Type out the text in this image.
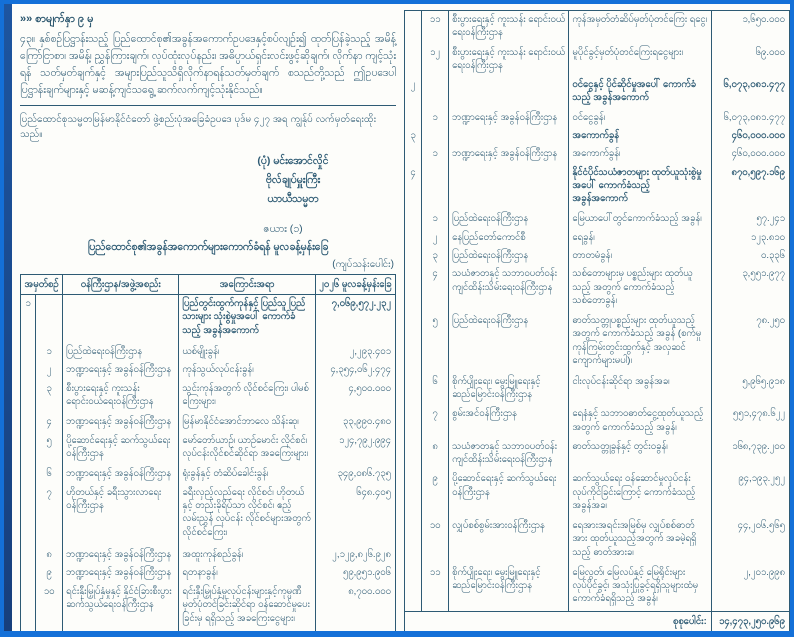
»» စာမျက်နှာ ၉ မှ

၄၃။ နှစ်စဉ်ပြဋ္ဌာန်းသည့် ပြည်ထောင်စု၏အခွန်အကောက်ဥပဒေနှင့်စပ်လျဉ်း၍ ထုတ်ပြန်ခဲ့သည့် အမိန့်ကြော်ငြာစာ၊ အမိန့်၊ ညွှန်ကြားချက်၊ လုပ်ထုံးလုပ်နည်း၊ အဓိပ္ပာယ်ရှင်းလင်းဖွင့်ဆိုချက်၊ လိုက်နာ ကျင့်သုံးရန် သတ်မှတ်ချက်နှင့် အများပြည်သူသိရှိလိုက်နာရန်သတ်မှတ်ချက် စသည်တို့သည် ဤဥပဒေပါ ပြဋ္ဌာန်းချက်များနှင့် မဆန့်ကျင်သရွေ့ ဆက်လက်ကျင့်သုံးနိုင်သည်။

ပြည်ထောင်စုသမ္မတမြန်မာနိုင်ငံတော် ဖွဲ့စည်းပုံအခြေခံဥပဒေ ပုဒ်မ ၄၂၇ အရ ကျွန်ုပ် လက်မှတ်ရေးထိုးသည်။

(ပုံ) မင်းအောင်လှိုင်
ဗိုလ်ချုပ်မှူးကြီး
ယာယီသမ္မတ
ဇယား (၁)
ပြည်ထောင်စု၏အခွန်အကောက်များကောက်ခံရန် မူလခန့်မှန်းခြေ
(ကျပ်သန်းပေါင်း)
အမှတ်စဉ်		ဝန်ကြီးဌာန/အဖွဲ့အစည်း	အကြောင်းအရာ	၂၀၂၆ မူလခန့်မှန်းခြေ
၁			ပြည်တွင်းထွက်ကုန်နှင့် ပြည်သူ ပြည်သားများ သုံးစွဲမှုအပေါ် ကောက်ခံ သည့် အခွန်အကောက်	၇,၀၆၉,၅၇၂.၂၃၂
	၁	ပြည်ထဲရေးဝန်ကြီးဌာန	ယစ်မျိုးခွန်၊	၂,၂၉၃.၄၀၁
	၂	ဘဏ္ဍာရေးနှင့် အခွန်ဝန်ကြီးဌာန	ကုန်သွယ်လုပ်ငန်းခွန်၊	၄,၃၅၄,၀၆၂.၄၇၄
	၃	စီးပွားရေးနှင့် ကူးသန်း ရောင်းဝယ်ရေးဝန်ကြီးဌာန	သွင်းကုန်အတွက် လိုင်စင်ကြေး၊ ပါမစ် ကြေးများ၊	၄,၅၀၀.၀၀၀
	၄	ဘဏ္ဍာရေးနှင့် အခွန်ဝန်ကြီးဌာန	မြန်မာနိုင်ငံအောင်ဘာလေ သိန်းဆု၊	၃၃,၉၉၀.၄၈၀
	၅	ပို့ဆောင်ရေးနှင့် ဆက်သွယ်ရေး ဝန်ကြီးဌာန	မော်တော်ယာဉ်၊ ယာဉ်မောင်း လိုင်စင်၊ လုပ်ငန်းလိုင်စင်ဆိုင်ရာ အခကြေးများ၊	၁၂၄,၇၉၂.၉၉၄
	၆	ဘဏ္ဍာရေးနှင့် အခွန်ဝန်ကြီးဌာန	ရုံးခွန်နှင့် တံဆိပ်ခေါင်းခွန်၊	၃၄၉,၀၈၆.၇၃၅
	၇	ဟိုတယ်နှင့် ခရီးသွားလာရေး ဝန်ကြီးဌာန	ခရီးလှည့်လည်ရေး လိုင်စင်၊ ဟိုတယ်နှင့် တည်းခိုရိပ်သာ လိုင်စင်၊ ဧည့်လမ်းညွှန် လုပ်ငန်း လိုင်စင်များအတွက် လိုင်စင်ကြေး၊	၆၄၈.၄၀၅
	၈	ဘဏ္ဍာရေးနှင့် အခွန်ဝန်ကြီးဌာန	အထူးကုန်စည်ခွန်၊	၂,၁၂၉,၈၂၆.၉၂၈
	၉	ဘဏ္ဍာရေးနှင့် အခွန်ဝန်ကြီးဌာန	ရတနာခွန်၊	၅၉,၉၅၁.၉၀၆
	၁၀	ရင်းနှီးမြှုပ်နှံမှုနှင့် နိုင်ငံခြားစီးပွား ဆက်သွယ်ရေးဝန်ကြီးဌာန	ရင်းနှီးမြှုပ်နှံမှုလုပ်ငန်းများနှင့်ကုမ္ပဏီ မှတ်ပုံတင်ခြင်းဆိုင်ရာ ဝန်ဆောင်မှုပေး ခြင်းမှ ရရှိသည့် အခကြေးငွေများ၊	၈,၇၀၀.၀၀၀
	၁၁	စီးပွားရေးနှင့် ကူးသန်း ရောင်းဝယ်ရေးဝန်ကြီးဌာန	ကုန်အမှတ်တံဆိပ်မှတ်ပုံတင်ကြေး ရငွေ၊	၁,၆၅၀.၀၀၀
	၁၂	စီးပွားရေးနှင့် ကူးသန်း ရောင်းဝယ်ရေးဝန်ကြီးဌာန	မူပိုင်ခွင့်မှတ်ပုံတင်ကြေးရငွေများ၊	၆၉.၀၀၀
၂			ဝင်ငွေနှင့် ပိုင်ဆိုင်မှုအပေါ် ကောက်ခံသည့် အခွန်အကောက်	၆,၀၇၃,၀၈၁.၄၇၇
	၁	ဘဏ္ဍာရေးနှင့် အခွန်ဝန်ကြီးဌာန	ဝင်ငွေခွန်၊	၆,၀၇၃,၀၈၁.၄၇၇
၃			အကောက်ခွန်	၄၆၀,၀၀၀.၀၀၀
	၁	ဘဏ္ဍာရေးနှင့် အခွန်ဝန်ကြီးဌာန	အကောက်ခွန်၊	၄၆၀,၀၀၀.၀၀၀
၄			နိုင်ငံပိုင်သယံဇာတများ ထုတ်ယူသုံးစွဲမှု အပေါ် ကောက်ခံသည့် အခွန်အကောက်	၈၇၀,၅၉၇.၁၆၉
	၁	ပြည်ထဲရေးဝန်ကြီးဌာန	မြေယာပေါ်တွင်ကောက်ခံသည့် အခွန်၊	၅၇.၂၄၁
	၂	နေပြည်တော်ကောင်စီ	ရေခွန်၊	၁၂၃.၈၁၀
	၃	ပြည်ထဲရေးဝန်ကြီးဌာန	တာတမံခွန်၊	၀.၃၃၆
	၄	သယံဇာတနှင့် သဘာဝပတ်ဝန်း ကျင်ထိန်းသိမ်းရေးဝန်ကြီးဌာန	သစ်တောများမှ ပစ္စည်းများ ထုတ်ယူသည့် အတွက် ကောက်ခံသည့် သစ်တောခွန်၊	၃,၅၅၁.၉၇၇
	၅	ပြည်ထဲရေးဝန်ကြီးဌာန	ဓာတ်သတ္တုပစ္စည်းများ ထုတ်ယူသည့် အတွက် ကောက်ခံသည့် အခွန် (စက်မှု ကုန်ကြမ်းတွင်းထွက်နှင့် အလှဆင် ကျောက်များမပါ)၊	၇၈.၂၅၀
	၆	စိုက်ပျိုးရေး၊ မွေးမြူရေးနှင့် ဆည်မြောင်းဝန်ကြီးဌာန	ငါးလုပ်ငန်းဆိုင်ရာ အခွန်အခ၊	၅,၉၆၅.၉၁၈
	၇	စွမ်းအင်ဝန်ကြီးဌာန	ရေနံနှင့် သဘာဝဓာတ်ငွေ့ထုတ်ယူသည့် အတွက် ကောက်ခံသည့် အခွန်၊	၅၅၁,၄၇၈.၆၂၂
	၈	သယံဇာတနှင့် သဘာဝပတ်ဝန်း ကျင်ထိန်းသိမ်းရေးဝန်ကြီးဌာန	ဓာတ်သတ္တုခွန်နှင့် တွင်းဝခွန်၊	၁၆၈,၇၃၉.၂၀၀
	၉	ပို့ဆောင်ရေးနှင့် ဆက်သွယ်ရေး ဝန်ကြီးဌာန	ဆက်သွယ်ရေး ဝန်ဆောင်မှုလုပ်ငန်း လုပ်ကိုင်ခြင်းကြောင့် ကောက်ခံသည့် အခွန်အခ၊	၉၄,၁၉၃.၂၅၂
	၁၀	လျှပ်စစ်စွမ်းအားဝန်ကြီးဌာန	ရေအားအရင်းအမြစ်မှ လျှပ်စစ်ဓာတ်အား ထုတ်ယူသည့်အတွက် အခမဲ့ရရှိသည့် ဓာတ်အားခ၊	၄၄,၂၀၆.၅၆၅
	၁၁	စိုက်ပျိုးရေး၊ မွေးမြူရေးနှင့် ဆည်မြောင်းဝန်ကြီးဌာန	မြေလွတ်၊ မြေလပ်နှင့် မြေရိုင်းများ လုပ်ပိုင်ခွင့်၊ အသုံးပြုခွင့်ရရှိသူများထံမှ ကောက်ခံရရှိသည့် အခွန်၊	၂,၂၀၁.၉၉၈
စုစုပေါင်း:				၁၄,၄၇၃,၂၅၀.၉၆၉
